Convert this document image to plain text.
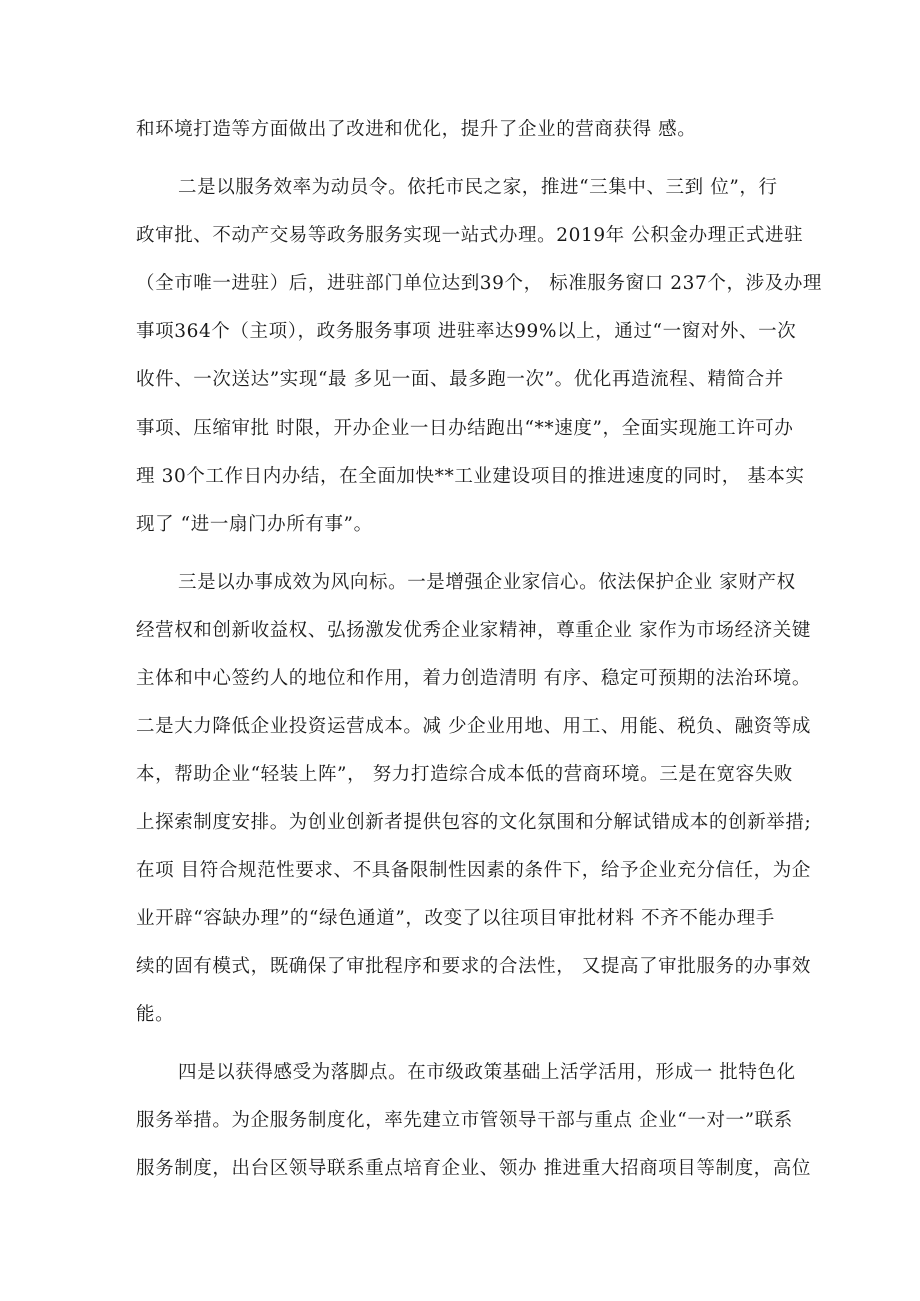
和环境打造等方面做出了改进和优化，提升了企业的营商获得 感。
二是以服务效率为动员令。依托市民之家，推进“三集中、三到 位”，行
政审批、不动产交易等政务服务实现一站式办理。2019年 公积金办理正式进驻
（全市唯一进驻）后，进驻部门单位达到39个， 标准服务窗口 237个，涉及办理
事项364个（主项），政务服务事项 进驻率达99%以上，通过“一窗对外、一次
收件、一次送达”实现“最 多见一面、最多跑一次”。优化再造流程、精简合并
事项、压缩审批 时限，开办企业一日办结跑出“**速度”，全面实现施工许可办
理 30个工作日内办结，在全面加快**工业建设项目的推进速度的同时， 基本实
现了 “进一扇门办所有事”。
三是以办事成效为风向标。一是增强企业家信心。依法保护企业 家财产权
经营权和创新收益权、弘扬激发优秀企业家精神，尊重企业 家作为市场经济关键
主体和中心签约人的地位和作用，着力创造清明 有序、稳定可预期的法治环境。
二是大力降低企业投资运营成本。减 少企业用地、用工、用能、税负、融资等成
本，帮助企业“轻装上阵”， 努力打造综合成本低的营商环境。三是在宽容失败
上探索制度安排。为创业创新者提供包容的文化氛围和分解试错成本的创新举措;
在项 目符合规范性要求、不具备限制性因素的条件下，给予企业充分信任，为企
业开辟“容缺办理”的“绿色通道”，改变了以往项目审批材料 不齐不能办理手
续的固有模式，既确保了审批程序和要求的合法性， 又提高了审批服务的办事效
能。
四是以获得感受为落脚点。在市级政策基础上活学活用，形成一 批特色化
服务举措。为企服务制度化，率先建立市管领导干部与重点 企业“一对一”联系
服务制度，出台区领导联系重点培育企业、领办 推进重大招商项目等制度，高位
